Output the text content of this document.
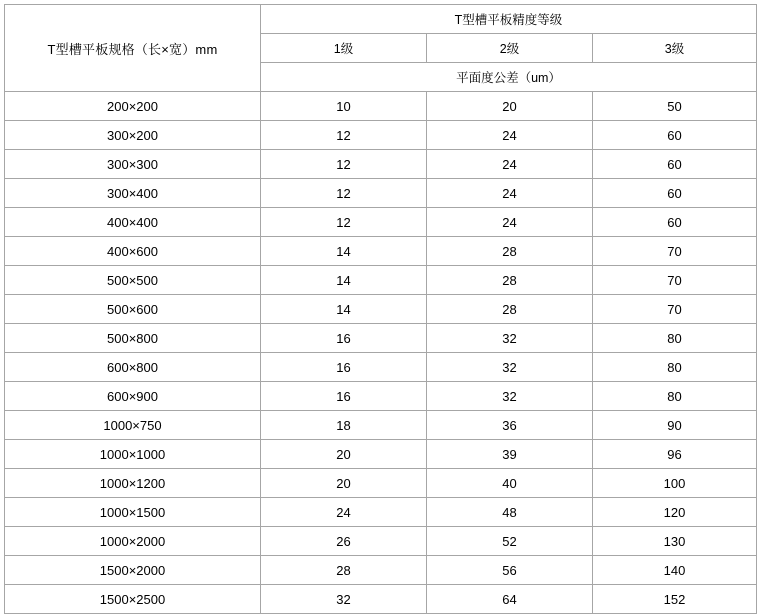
T型槽平板规格（长×宽）mm	T型槽平板精度等级		
	1级	2级	3级
	平面度公差（um）		
200×200	10	20	50
300×200	12	24	60
300×300	12	24	60
300×400	12	24	60
400×400	12	24	60
400×600	14	28	70
500×500	14	28	70
500×600	14	28	70
500×800	16	32	80
600×800	16	32	80
600×900	16	32	80
1000×750	18	36	90
1000×1000	20	39	96
1000×1200	20	40	100
1000×1500	24	48	120
1000×2000	26	52	130
1500×2000	28	56	140
1500×2500	32	64	152
